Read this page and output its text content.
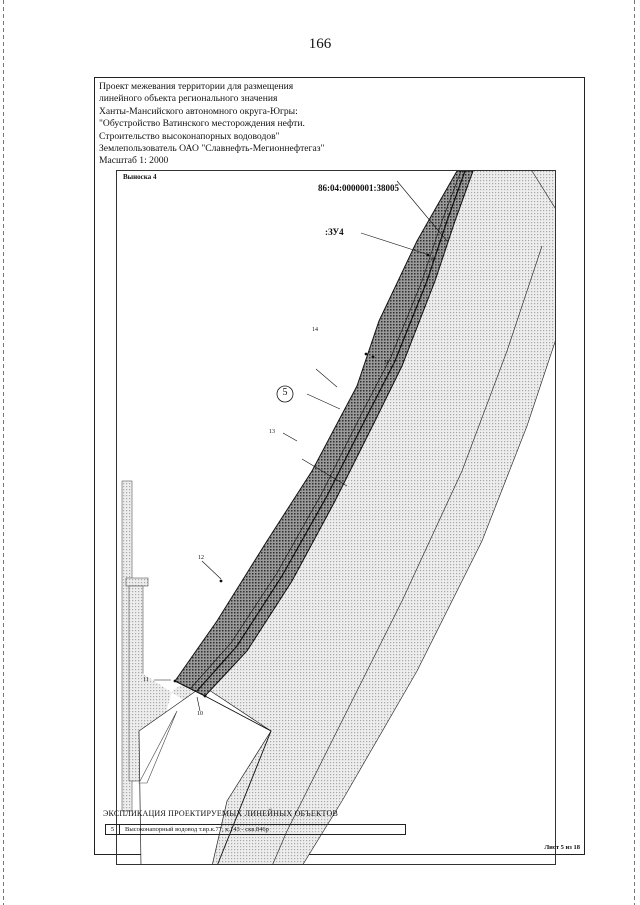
166
Проект межевания территории для размещения
линейного объекта регионального значения
Ханты-Мансийского автономного округа-Югры:
"Обустройство Ватинского месторождения нефти.
Строительство высоконапорных водоводов"
Землепользователь ОАО "Славнефть-Мегионнефтегаз"
Масштаб 1: 2000
Выноска 4
86:04:0000001:38005
:ЗУ4
5
8
9
10
11
12
13
14
ЭКСПЛИКАЦИЯ ПРОЕКТИРУЕМЫХ ЛИНЕЙНЫХ ОБЪЕКТОВ
5	Высоконапорный водовод т.вр.к.77, к.143 - скв.846р
Лист 5 из 18
